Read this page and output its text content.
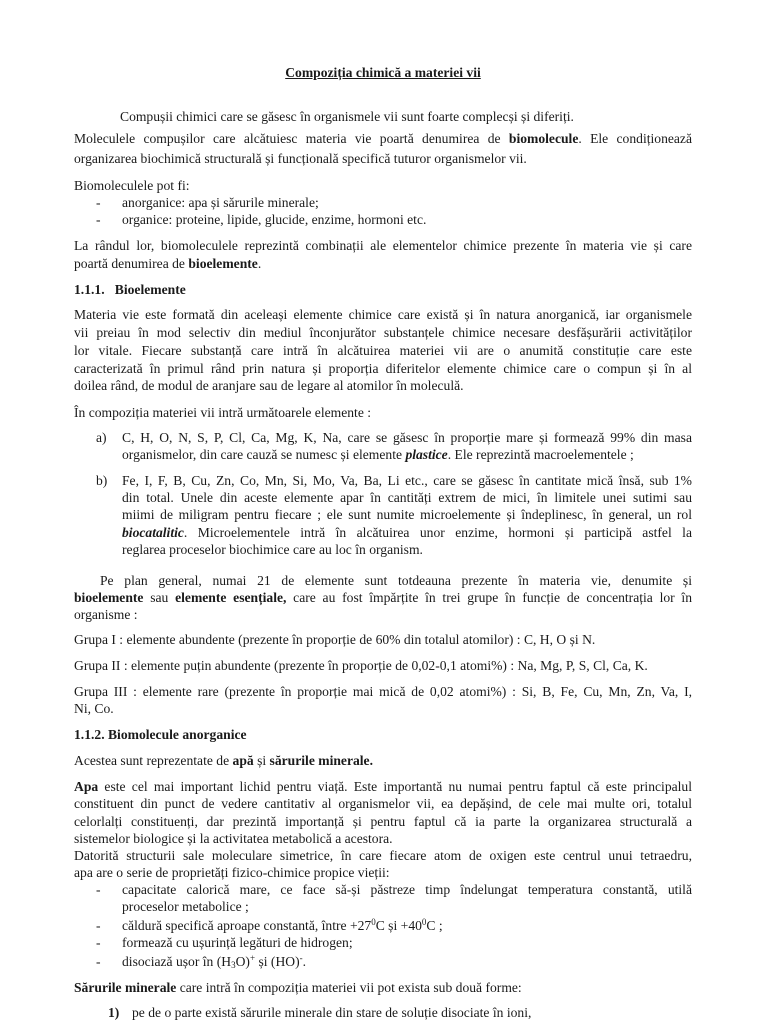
Compoziția chimică a materiei vii
Compușii chimici care se găsesc în organismele vii sunt foarte complecși și diferiți.
Moleculele compușilor care alcătuiesc materia vie poartă denumirea de biomolecule. Ele condiționează
organizarea biochimică structurală și funcțională specifică tuturor organismelor vii.
Biomoleculele pot fi:
- anorganice: apa și sărurile minerale;
- organice: proteine, lipide, glucide, enzime, hormoni etc.
La rândul lor, biomoleculele reprezintă combinații ale elementelor chimice prezente în materia vie și care
poartă denumirea de bioelemente.
1.1.1. Bioelemente
Materia vie este formată din aceleași elemente chimice care există și în natura anorganică, iar organismele
vii preiau în mod selectiv din mediul înconjurător substanțele chimice necesare desfășurării activităților
lor vitale. Fiecare substanță care intră în alcătuirea materiei vii are o anumită constituție care este
caracterizată în primul rând prin natura și proporția diferitelor elemente chimice care o compun și în al
doilea rând, de modul de aranjare sau de legare al atomilor în moleculă.
În compoziția materiei vii intră următoarele elemente :
a) C, H, O, N, S, P, Cl, Ca, Mg, K, Na, care se găsesc în proporție mare și formează 99% din masa
organismelor, din care cauză se numesc și elemente plastice. Ele reprezintă macroelementele ;
b) Fe, I, F, B, Cu, Zn, Co, Mn, Si, Mo, Va, Ba, Li etc., care se găsesc în cantitate mică însă, sub 1%
din total. Unele din aceste elemente apar în cantități extrem de mici, în limitele unei sutimi sau
miimi de miligram pentru fiecare ; ele sunt numite microelemente și îndeplinesc, în general, un rol
biocatalitic. Microelementele intră în alcătuirea unor enzime, hormoni și participă astfel la
reglarea proceselor biochimice care au loc în organism.
Pe plan general, numai 21 de elemente sunt totdeauna prezente în materia vie, denumite și
bioelemente sau elemente esențiale, care au fost împărțite în trei grupe în funcție de concentrația lor în
organisme :
Grupa I : elemente abundente (prezente în proporție de 60% din totalul atomilor) : C, H, O și N.
Grupa II : elemente puțin abundente (prezente în proporție de 0,02-0,1 atomi%) : Na, Mg, P, S, Cl, Ca, K.
Grupa III : elemente rare (prezente în proporție mai mică de 0,02 atomi%) : Si, B, Fe, Cu, Mn, Zn, Va, I,
Ni, Co.
1.1.2. Biomolecule anorganice
Acestea sunt reprezentate de apă și sărurile minerale.
Apa este cel mai important lichid pentru viață. Este importantă nu numai pentru faptul că este principalul
constituent din punct de vedere cantitativ al organismelor vii, ea depășind, de cele mai multe ori, totalul
celorlalți constituenți, dar prezintă importanță și pentru faptul că ia parte la organizarea structurală a
sistemelor biologice și la activitatea metabolică a acestora.
Datorită structurii sale moleculare simetrice, în care fiecare atom de oxigen este centrul unui tetraedru,
apa are o serie de proprietăți fizico-chimice propice vieții:
- capacitate calorică mare, ce face să-și păstreze timp îndelungat temperatura constantă, utilă
proceselor metabolice ;
- căldură specifică aproape constantă, între $+27^0C$ și $+40^0C$ ;
- formează cu ușurință legături de hidrogen;
- disociază ușor în $(H_3O)^+$ și (HO)-.
Sărurile minerale care intră în compoziția materiei vii pot exista sub două forme:
1) pe de o parte există sărurile minerale din stare de soluție disociate în ioni,
